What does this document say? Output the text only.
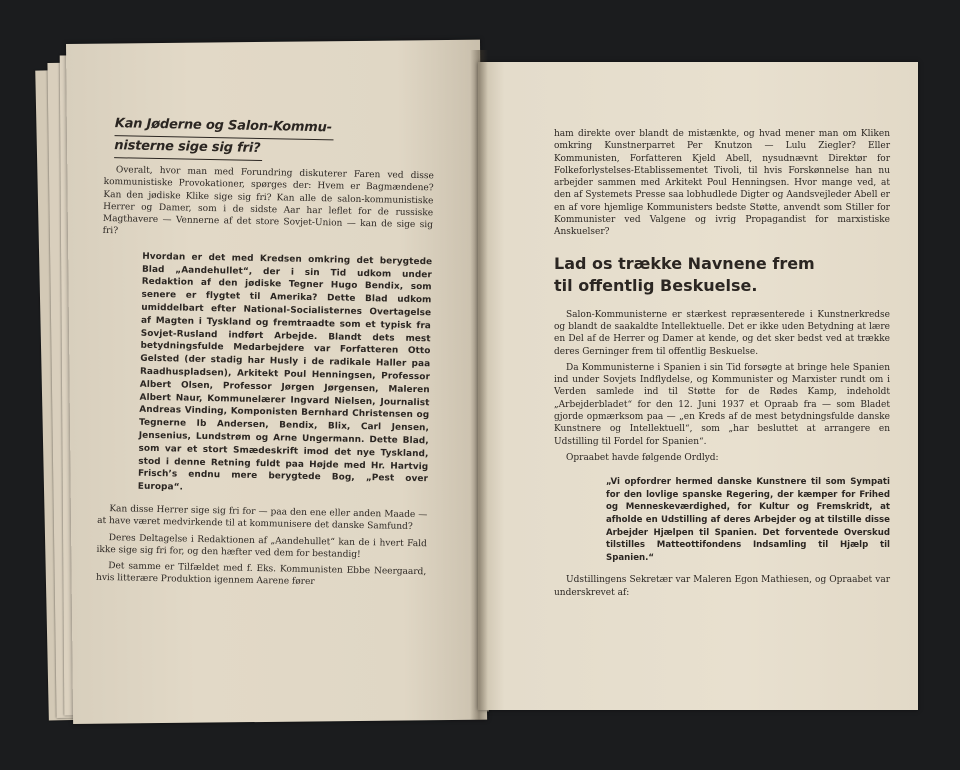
Kan Jøderne og Salon-Kommu-
nisterne sige sig fri?

Overalt, hvor man med Forundring diskuterer Faren ved disse kommunistiske Provokationer, spørges der: Hvem er Bagmændene? Kan den jødiske Klike sige sig fri? Kan alle de salon-kommunistiske Herrer og Damer, som i de sidste Aar har leflet for de russiske Magthavere — Vennerne af det store Sovjet-Union — kan de sige sig fri?

Hvordan er det med Kredsen omkring det berygtede Blad „Aandehullet“, der i sin Tid udkom under Redaktion af den jødiske Tegner Hugo Bendix, som senere er flygtet til Amerika? Dette Blad udkom umiddelbart efter National-Socialisternes Overtagelse af Magten i Tyskland og fremtraadte som et typisk fra Sovjet-Rusland indført Arbejde. Blandt dets mest betydningsfulde Medarbejdere var Forfatteren Otto Gelsted (der stadig har Husly i de radikale Haller paa Raadhuspladsen), Arkitekt Poul Henningsen, Professor Albert Olsen, Professor Jørgen Jørgensen, Maleren Albert Naur, Kommunelærer Ingvard Nielsen, Journalist Andreas Vinding, Komponisten Bernhard Christensen og Tegnerne Ib Andersen, Bendix, Blix, Carl Jensen, Jensenius, Lundstrøm og Arne Ungermann. Dette Blad, som var et stort Smædeskrift imod det nye Tyskland, stod i denne Retning fuldt paa Højde med Hr. Hartvig Frisch’s endnu mere berygtede Bog, „Pest over Europa“.

Kan disse Herrer sige sig fri for — paa den ene eller anden Maade — at have været medvirkende til at kommunisere det danske Samfund?

Deres Deltagelse i Redaktionen af „Aandehullet“ kan de i hvert Fald ikke sige sig fri for, og den hæfter ved dem for bestandig!

Det samme er Tilfældet med f. Eks. Kommunisten Ebbe Neergaard, hvis litterære Produktion igennem Aarene fører

ham direkte over blandt de mistænkte, og hvad mener man om Kliken omkring Kunstnerparret Per Knutzon — Lulu Ziegler? Eller Kommunisten, Forfatteren Kjeld Abell, nysudnævnt Direktør for Folkeforlystelses-Etablissementet Tivoli, til hvis Forskønnelse han nu arbejder sammen med Arkitekt Poul Henningsen. Hvor mange ved, at den af Systemets Presse saa lobhudlede Digter og Aandsvejleder Abell er en af vore hjemlige Kommunisters bedste Støtte, anvendt som Stiller for Kommunister ved Valgene og ivrig Propagandist for marxistiske Anskuelser?

Lad os trække Navnene frem
til offentlig Beskuelse.

Salon-Kommunisterne er stærkest repræsenterede i Kunstnerkredse og blandt de saakaldte Intellektuelle. Det er ikke uden Betydning at lære en Del af de Herrer og Damer at kende, og det sker bedst ved at trække deres Gerninger frem til offentlig Beskuelse.

Da Kommunisterne i Spanien i sin Tid forsøgte at bringe hele Spanien ind under Sovjets Indflydelse, og Kommunister og Marxister rundt om i Verden samlede ind til Støtte for de Rødes Kamp, indeholdt „Arbejderbladet“ for den 12. Juni 1937 et Opraab fra — som Bladet gjorde opmærksom paa — „en Kreds af de mest betydningsfulde danske Kunstnere og Intellektuell“, som „har besluttet at arrangere en Udstilling til Fordel for Spanien“.

Opraabet havde følgende Ordlyd:

„Vi opfordrer hermed danske Kunstnere til som Sympati for den lovlige spanske Regering, der kæmper for Frihed og Menneskeværdighed, for Kultur og Fremskridt, at afholde en Udstilling af deres Arbejder og at tilstille disse Arbejder Hjælpen til Spanien. Det forventede Overskud tilstilles Matteottifondens Indsamling til Hjælp til Spanien.“

Udstillingens Sekretær var Maleren Egon Mathiesen, og Opraabet var underskrevet af:
